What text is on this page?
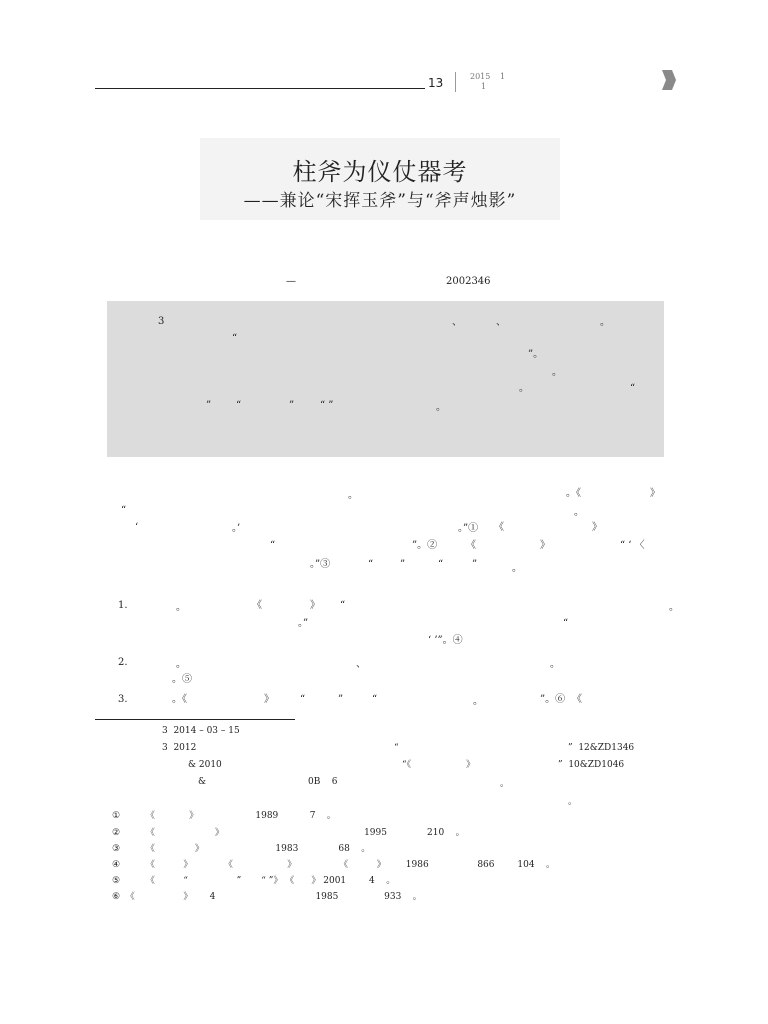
13	2015 1
1
柱斧为仪仗器考
——兼论“宋挥玉斧”与“斧声烛影”
—	2002346
3	、	、	。
“
”。
。
。	“
” “	”	“ ”	。
。	。《	》
“	。
‘	。’	。”① 《	》
“	”。②	《	》	“ ‘ 〈
。”③	“	”	“	”	。
1.	。	《	》 “	。
。”	“
‘ ’”。④
2.	。	、	。
。⑤
3.	。《	》	“	”	“	。	”。⑥ 《
3  2014 – 03 – 15
3  2012	“	”  12&ZD1346
& 2010	“《	》	”  10&ZD1046
&	0B    6	。
。
①         《            》                    1989           7    。
②         《                     》                                                 1995              210    。
③         《              》                         1983              68    。
④         《          》           《                   》               《          》       1986                 866        104    。
⑤         《          “                 ”       “ ”》 《      》 2001        4    。
⑥  《                 》      4                                   1985                933    。
